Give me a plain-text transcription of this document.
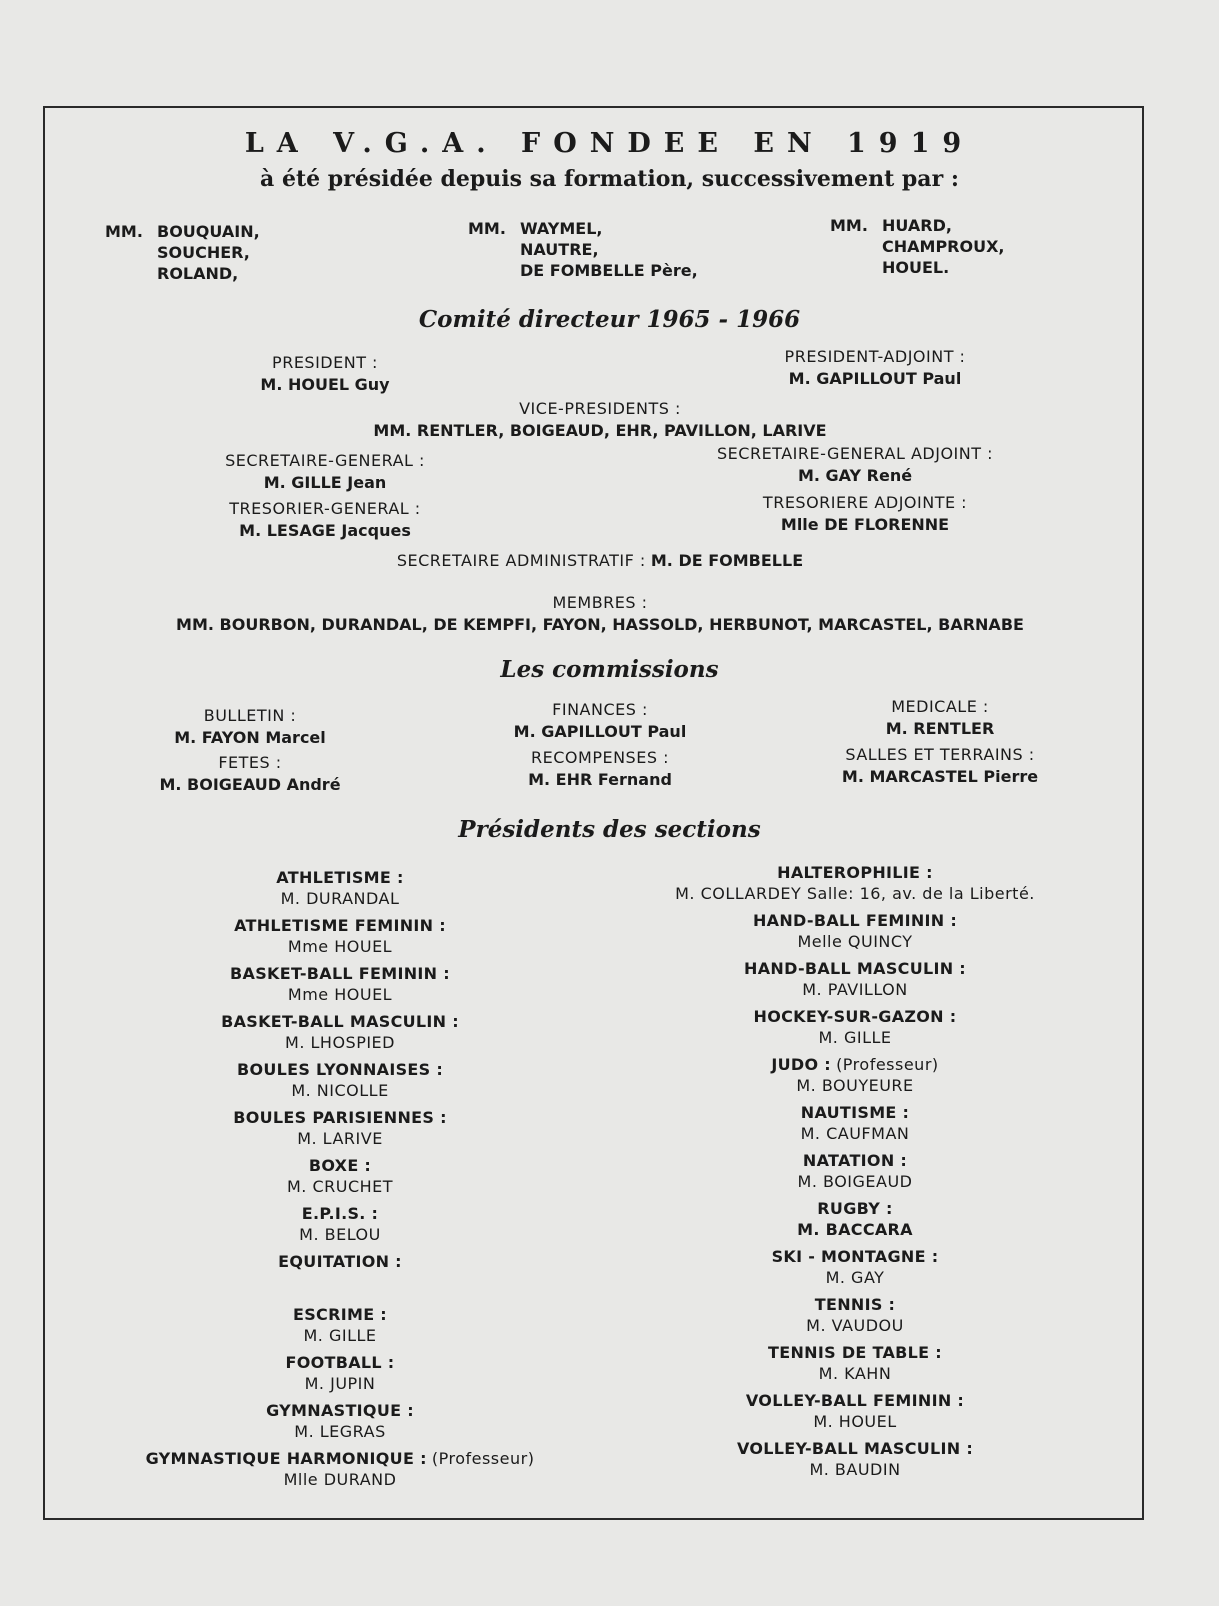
LA V.G.A. FONDEE EN 1919
à été présidée depuis sa formation, successivement par :
MM. BOUQUAIN,
SOUCHER,
ROLAND,
MM. WAYMEL,
NAUTRE,
DE FOMBELLE Père,
MM. HUARD,
CHAMPROUX,
HOUEL.
Comité directeur 1965 - 1966
PRESIDENT :
M. HOUEL Guy
PRESIDENT-ADJOINT :
M. GAPILLOUT Paul
VICE-PRESIDENTS :
MM. RENTLER, BOIGEAUD, EHR, PAVILLON, LARIVE
SECRETAIRE-GENERAL :
M. GILLE Jean
SECRETAIRE-GENERAL ADJOINT :
M. GAY René
TRESORIER-GENERAL :
M. LESAGE Jacques
TRESORIERE ADJOINTE :
Mlle DE FLORENNE
SECRETAIRE ADMINISTRATIF : M. DE FOMBELLE
MEMBRES :
MM. BOURBON, DURANDAL, DE KEMPFI, FAYON, HASSOLD, HERBUNOT, MARCASTEL, BARNABE
Les commissions
BULLETIN :
M. FAYON Marcel
FETES :
M. BOIGEAUD André
FINANCES :
M. GAPILLOUT Paul
RECOMPENSES :
M. EHR Fernand
MEDICALE :
M. RENTLER
SALLES ET TERRAINS :
M. MARCASTEL Pierre
Présidents des sections
ATHLETISME :
M. DURANDAL
ATHLETISME FEMININ :
Mme HOUEL
BASKET-BALL FEMININ :
Mme HOUEL
BASKET-BALL MASCULIN :
M. LHOSPIED
BOULES LYONNAISES :
M. NICOLLE
BOULES PARISIENNES :
M. LARIVE
BOXE :
M. CRUCHET
E.P.I.S. :
M. BELOU
EQUITATION :
ESCRIME :
M. GILLE
FOOTBALL :
M. JUPIN
GYMNASTIQUE :
M. LEGRAS
GYMNASTIQUE HARMONIQUE : (Professeur)
Mlle DURAND
HALTEROPHILIE :
M. COLLARDEY Salle: 16, av. de la Liberté.
HAND-BALL FEMININ :
Melle QUINCY
HAND-BALL MASCULIN :
M. PAVILLON
HOCKEY-SUR-GAZON :
M. GILLE
JUDO : (Professeur)
M. BOUYEURE
NAUTISME :
M. CAUFMAN
NATATION :
M. BOIGEAUD
RUGBY :
M. BACCARA
SKI - MONTAGNE :
M. GAY
TENNIS :
M. VAUDOU
TENNIS DE TABLE :
M. KAHN
VOLLEY-BALL FEMININ :
M. HOUEL
VOLLEY-BALL MASCULIN :
M. BAUDIN
